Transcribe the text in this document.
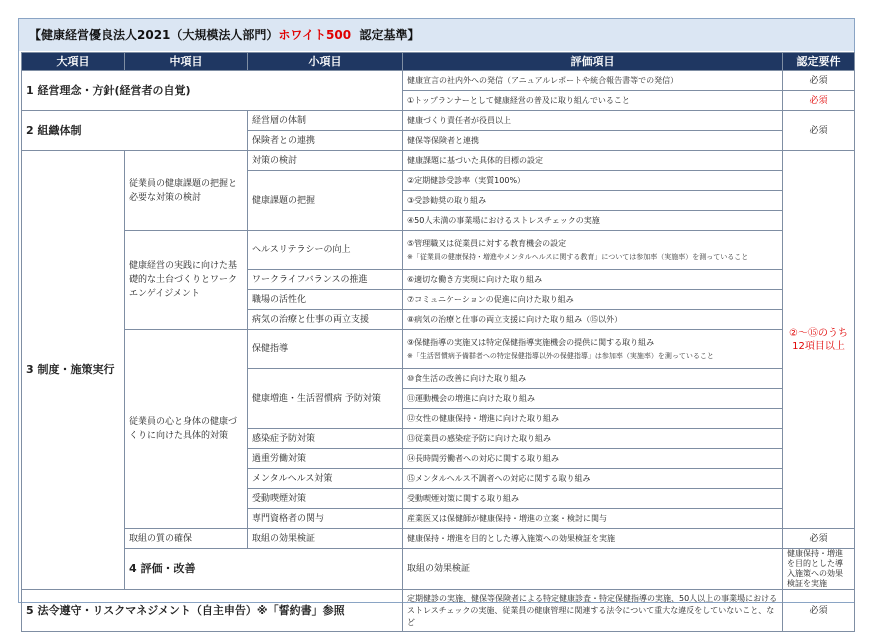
【健康経営優良法人2021（大規模法人部門）ホワイト500 認定基準】
大項目	中項目	小項目	評価項目	認定要件	
1 経営理念・方針(経営者の自覚)			健康宣言の社内外への発信（アニュアルレポートや統合報告書等での発信）	必須	
			①トップランナーとして健康経営の普及に取り組んでいること	必須	
2 組織体制		経営層の体制	健康づくり責任者が役員以上	必須	
		保険者との連携	健保等保険者と連携		
3 制度・施策実行	従業員の健康課題の把握と必要な対策の検討	対策の検討	健康課題に基づいた具体的目標の設定	②～⑮のうち
12項目以上	
		健康課題の把握	②定期健診受診率（実質100%）		
			③受診勧奨の取り組み		
			④50人未満の事業場におけるストレスチェックの実施		
	健康経営の実践に向けた基礎的な土台づくりとワークエンゲイジメント	ヘルスリテラシーの向上	⑤管理職又は従業員に対する教育機会の設定
※「従業員の健康保持・増進やメンタルヘルスに関する教育」については参加率（実施率）を測っていること		

		ワークライフバランスの推進	⑥適切な働き方実現に向けた取り組み		
		職場の活性化	⑦コミュニケーションの促進に向けた取り組み		
		病気の治療と仕事の両立支援	⑧病気の治療と仕事の両立支援に向けた取り組み（⑮以外）		
	従業員の心と身体の健康づくりに向けた具体的対策	保健指導	⑨保健指導の実施又は特定保健指導実施機会の提供に関する取り組み
※「生活習慣病予備群者への特定保健指導以外の保健指導」は参加率（実施率）を測っていること		

		健康増進・生活習慣病 予防対策	⑩食生活の改善に向けた取り組み		
			⑪運動機会の増進に向けた取り組み		
			⑫女性の健康保持・増進に向けた取り組み		
		感染症予防対策	⑬従業員の感染症予防に向けた取り組み		
		過重労働対策	⑭長時間労働者への対応に関する取り組み		
		メンタルヘルス対策	⑮メンタルヘルス不調者への対応に関する取り組み		
		受動喫煙対策	受動喫煙対策に関する取り組み	
		専門資格者の関与	産業医又は保健師が健康保持・増進の立案・検討に関与		
	取組の質の確保	取組の効果検証	健康保持・増進を目的とした導入施策への効果検証を実施	必須	
	4 評価・改善		取組の効果検証	健康保持・増進を目的とした導入施策への効果検証を実施	
5 法令遵守・リスクマネジメント（自主申告）※「誓約書」参照			定期健診の実施、健保等保険者による特定健康診査・特定保健指導の実施、50人以上の事業場におけるストレスチェックの実施、従業員の健康管理に関連する法令について重大な違反をしていないこと、など	必須	
